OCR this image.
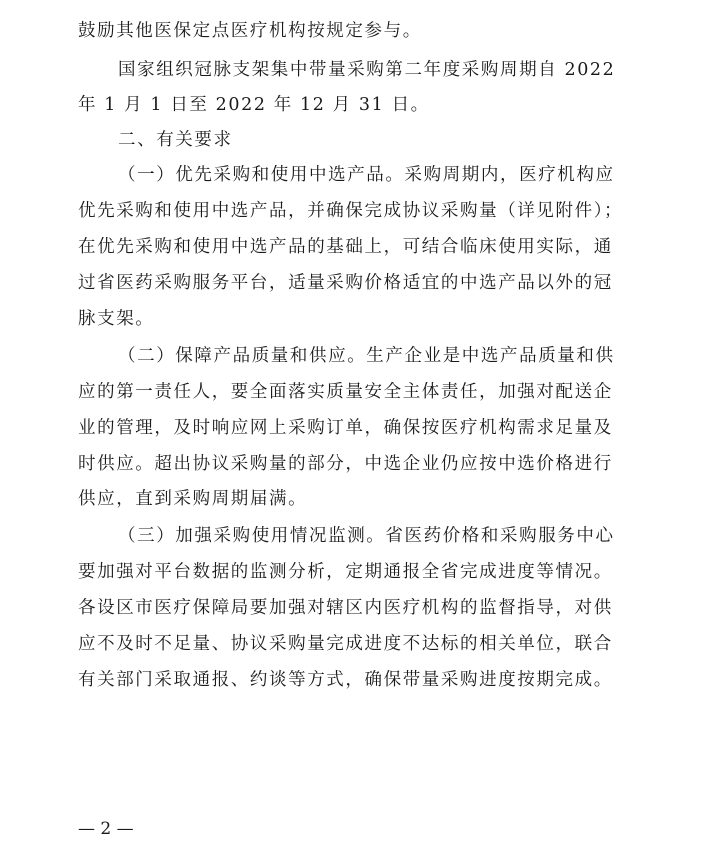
鼓励其他医保定点医疗机构按规定参与。
国家组织冠脉支架集中带量采购第二年度采购周期自 2022
年 1 月 1 日至 2022 年 12 月 31 日。
二、有关要求
（一）优先采购和使用中选产品。采购周期内，医疗机构应
优先采购和使用中选产品，并确保完成协议采购量（详见附件）；
在优先采购和使用中选产品的基础上，可结合临床使用实际，通
过省医药采购服务平台，适量采购价格适宜的中选产品以外的冠
脉支架。
（二）保障产品质量和供应。生产企业是中选产品质量和供
应的第一责任人，要全面落实质量安全主体责任，加强对配送企
业的管理，及时响应网上采购订单，确保按医疗机构需求足量及
时供应。超出协议采购量的部分，中选企业仍应按中选价格进行
供应，直到采购周期届满。
（三）加强采购使用情况监测。省医药价格和采购服务中心
要加强对平台数据的监测分析，定期通报全省完成进度等情况。
各设区市医疗保障局要加强对辖区内医疗机构的监督指导，对供
应不及时不足量、协议采购量完成进度不达标的相关单位，联合
有关部门采取通报、约谈等方式，确保带量采购进度按期完成。
— 2 —
